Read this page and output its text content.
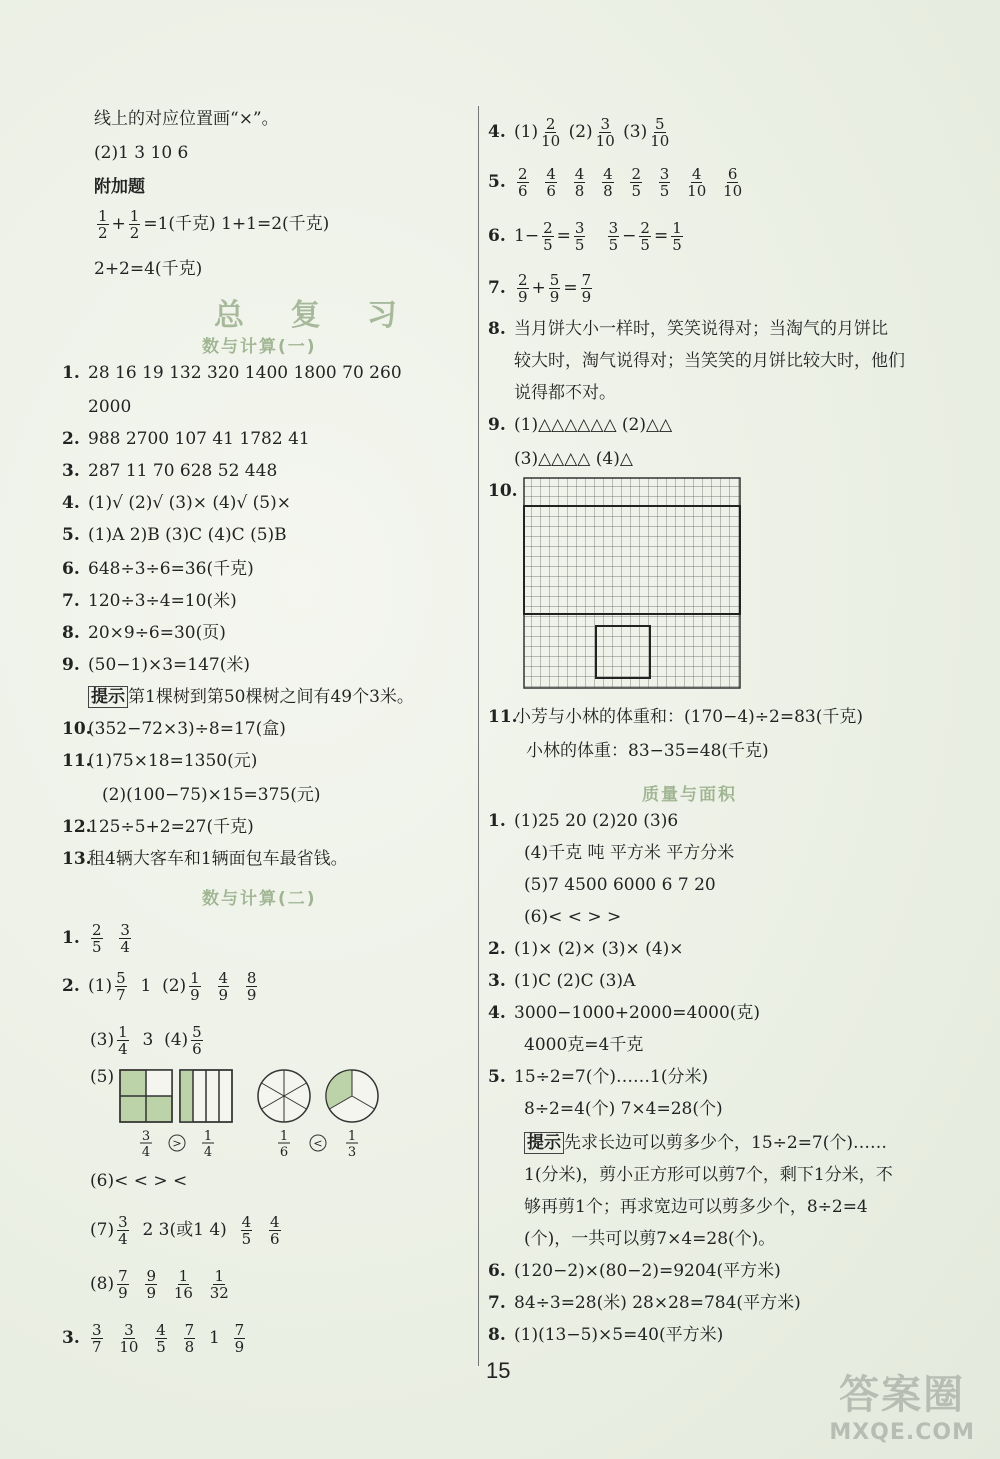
线上的对应位置画“×”。
(2)1 3 10 6
附加题
$\frac{1}{2} + \frac{1}{2} =1$(千克) 1+1=2(千克)
2+2=4(千克)
总 复 习
数与计算(一)
1. 28 16 19 132 320 1400 1800 70 260
2000
2. 988 2700 107 41 1782 41
3. 287 11 70 628 52 448
4. (1)√ (2)√ (3)× (4)√ (5)×
5. (1)A 2)B (3)C (4)C (5)B
6. 648÷3÷6=36(千克)
7. 120÷3÷4=10(米)
8. 20×9÷6=30(页)
9. (50−1)×3=147(米)
提示 第1棵树到第50棵树之间有49个3米。
10.(352−72×3)÷8=17(盒)
11.(1)75×18=1350(元)
(2)(100−75)×15=375(元)
12.125÷5+2=27(千克)
13.租4辆大客车和1辆面包车最省钱。
数与计算(二)
1. $\frac{2}{5}$
$\frac{3}{4}$
2. $(1) \frac{5}{7} 1$  $(2) \frac{1}{9}$
$\frac{4}{9}$
$\frac{8}{9}$
$(3) \frac{1}{4} 3$  $(4) \frac{5}{6}$
(5)
3
4
> 1
4
1
6
< 1
3
(6)< < > <
$(7) \frac{3}{4} 2$ 3(或1 $4) \frac{4}{5}$
$\frac{4}{6}$
$(8) \frac{7}{9}$
$\frac{9}{9}$
$\frac{1}{16}$
$\frac{1}{32}$
3. $\frac{3}{7}$
$\frac{3}{10}$
$\frac{4}{5}$
$\frac{7}{8} 1 \frac{7}{9}$
4. $(1) \frac{2}{10} (2) \frac{3}{10} (3) \frac{5}{10}$
5. $\frac{2}{6}$
$\frac{4}{6}$
$\frac{4}{8}$
$\frac{4}{8}$
$\frac{2}{5}$
$\frac{3}{5}$
$\frac{4}{10}$
$\frac{6}{10}$
6. $1- \frac{2}{5} = \frac{3}{5}$
$\frac{3}{5} - \frac{2}{5} = \frac{1}{5}$
7. $\frac{2}{9} + \frac{5}{9} = \frac{7}{9}$
8. 当月饼大小一样时，笑笑说得对；当淘气的月饼比
较大时，淘气说得对；当笑笑的月饼比较大时，他们
说得都不对。
9. (1)△△△△△△ (2)△△
(3)△△△△ (4)△
10.
11.小芳与小林的体重和：(170−4)÷2=83(千克)
小林的体重：83−35=48(千克)
质量与面积
1. (1)25 20 (2)20 (3)6
(4)千克 吨 平方米 平方分米
(5)7 4500 6000 6 7 20
(6)< < > >
2. (1)× (2)× (3)× (4)×
3. (1)C (2)C (3)A
4. 3000−1000+2000=4000(克)
4000克=4千克
5. 15÷2=7(个)……1(分米)
8÷2=4(个) 7×4=28(个)
提示 先求长边可以剪多少个，15÷2=7(个)……
1(分米)，剪小正方形可以剪7个，剩下1分米，不
够再剪1个；再求宽边可以剪多少个，8÷2=4
(个)，一共可以剪7×4=28(个)。
6. (120−2)×(80−2)=9204(平方米)
7. 84÷3=28(米) 28×28=784(平方米)
8. (1)(13−5)×5=40(平方米)
15
答案圈
MXQE.COM
